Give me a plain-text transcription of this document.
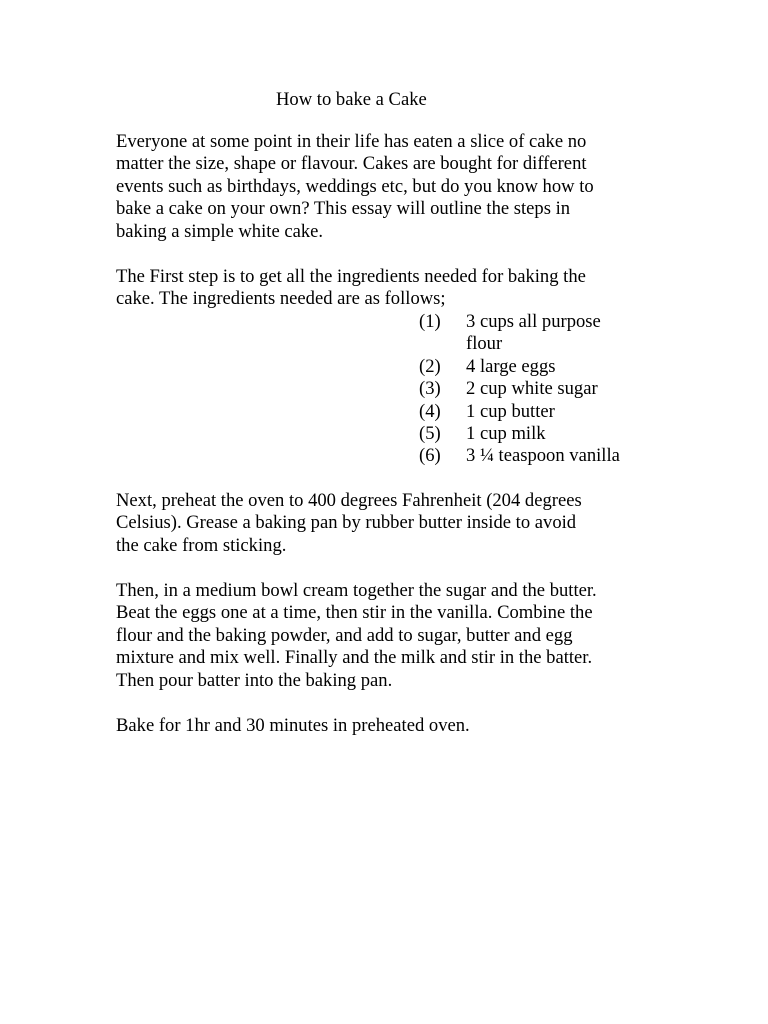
How to bake a Cake

Everyone at some point in their life has eaten a slice of cake no
matter the size, shape or flavour. Cakes are bought for different
events such as birthdays, weddings etc, but do you know how to
bake a cake on your own? This essay will outline the steps in
baking a simple white cake.

The First step is to get all the ingredients needed for baking the
cake. The ingredients needed are as follows;

(1) 3 cups all purpose flour
(2) 4 large eggs
(3) 2 cup white sugar
(4) 1 cup butter
(5) 1 cup milk
(6) 3 ¼ teaspoon vanilla

Next, preheat the oven to 400 degrees Fahrenheit (204 degrees
Celsius). Grease a baking pan by rubber butter inside to avoid
the cake from sticking.

Then, in a medium bowl cream together the sugar and the butter.
Beat the eggs one at a time, then stir in the vanilla. Combine the
flour and the baking powder, and add to sugar, butter and egg
mixture and mix well. Finally and the milk and stir in the batter.
Then pour batter into the baking pan.

Bake for 1hr and 30 minutes in preheated oven.
